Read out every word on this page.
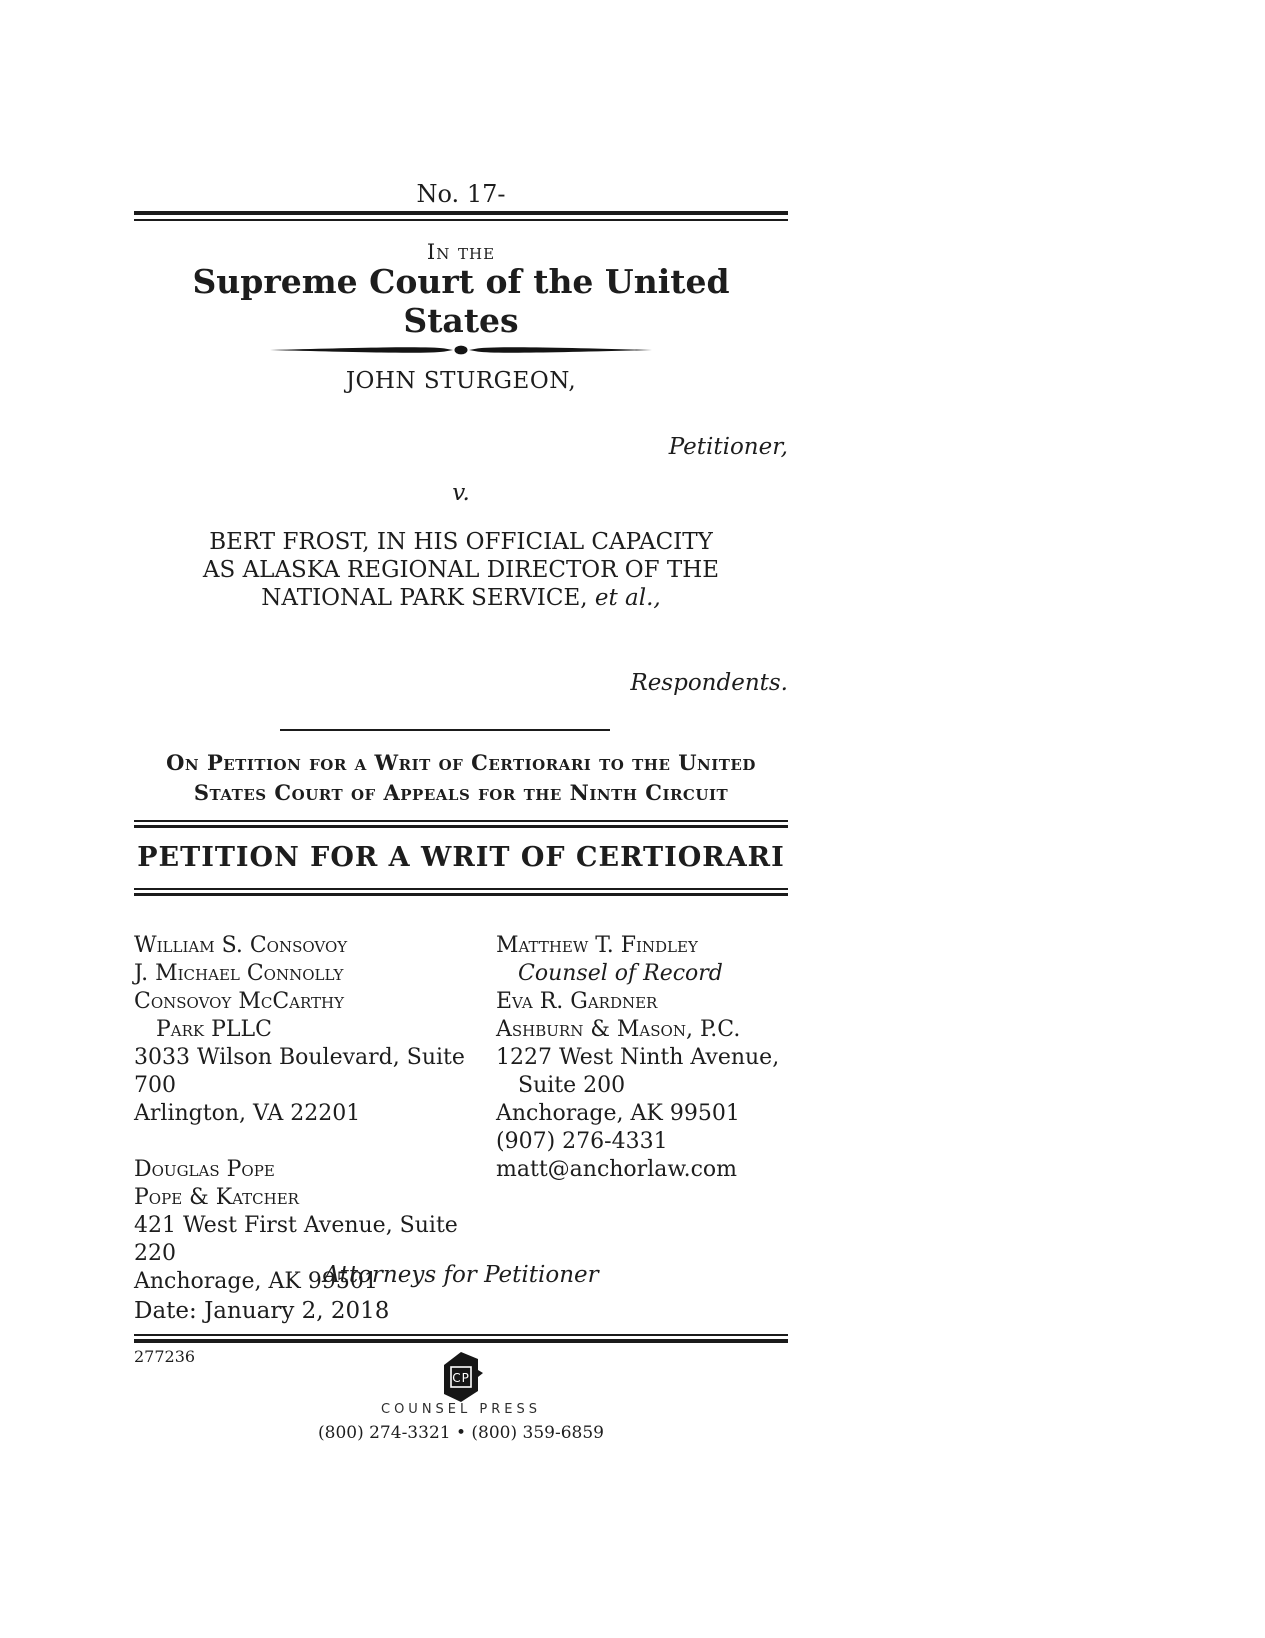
No. 17-
In the
Supreme Court of the United States
JOHN STURGEON,
Petitioner,
v.
BERT FROST, IN HIS OFFICIAL CAPACITY
AS ALASKA REGIONAL DIRECTOR OF THE
NATIONAL PARK SERVICE, et al.,
Respondents.
On Petition for a Writ of Certiorari to the United
States Court of Appeals for the Ninth Circuit
PETITION FOR A WRIT OF CERTIORARI
William S. Consovoy
J. Michael Connolly
Consovoy McCarthy
Park PLLC
3033 Wilson Boulevard, Suite 700
Arlington, VA 22201
Douglas Pope
Pope & Katcher
421 West First Avenue, Suite 220
Anchorage, AK 99501
Matthew T. Findley
Counsel of Record
Eva R. Gardner
Ashburn & Mason, P.C.
1227 West Ninth Avenue,
Suite 200
Anchorage, AK 99501
(907) 276-4331
matt@anchorlaw.com
Attorneys for Petitioner
Date: January 2, 2018
277236
CP
COUNSEL PRESS
(800) 274-3321 • (800) 359-6859
